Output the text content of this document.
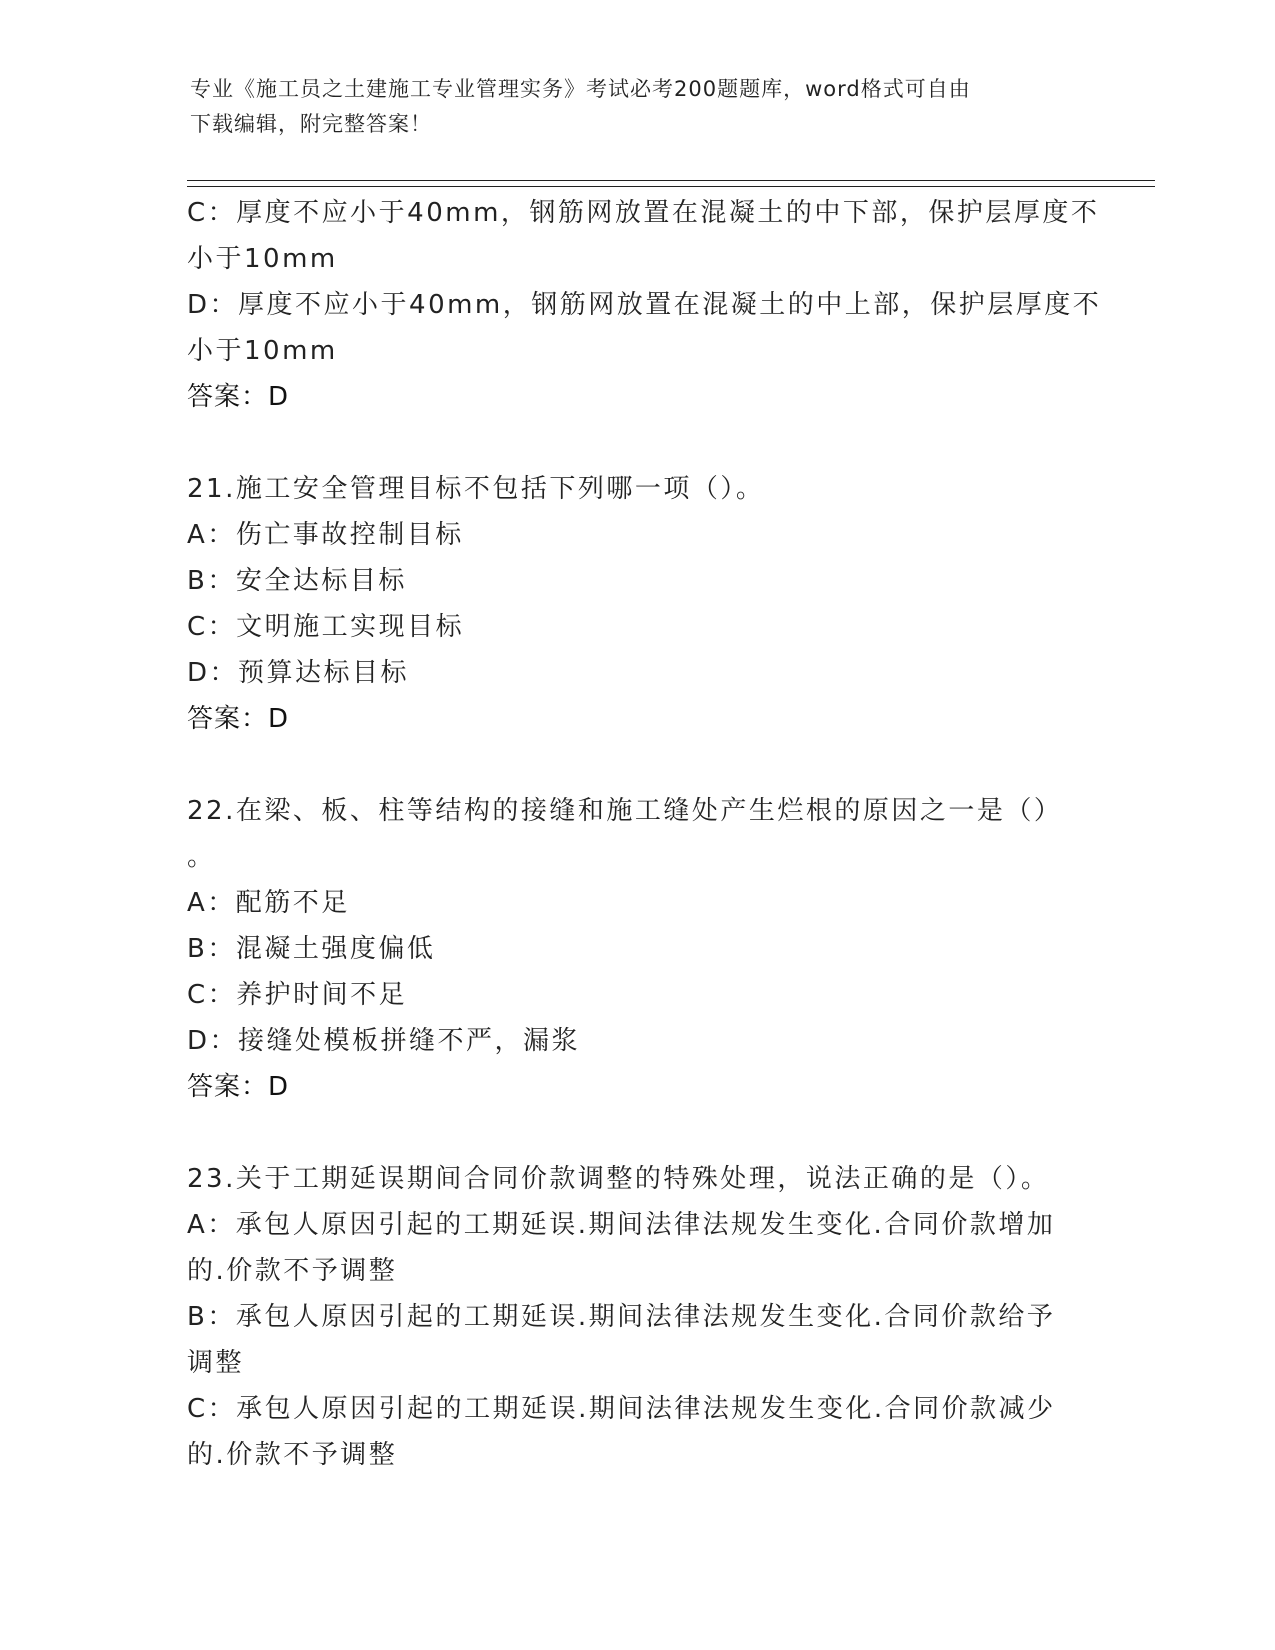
专业《施工员之土建施工专业管理实务》考试必考200题题库，word格式可自由
下载编辑，附完整答案！
C：厚度不应小于40mm，钢筋网放置在混凝土的中下部，保护层厚度不
小于10mm
D：厚度不应小于40mm，钢筋网放置在混凝土的中上部，保护层厚度不
小于10mm
答案：D
21.施工安全管理目标不包括下列哪一项（）。
A：伤亡事故控制目标
B：安全达标目标
C：文明施工实现目标
D：预算达标目标
答案：D
22.在梁、板、柱等结构的接缝和施工缝处产生烂根的原因之一是（）
。
A：配筋不足
B：混凝土强度偏低
C：养护时间不足
D：接缝处模板拼缝不严，漏浆
答案：D
23.关于工期延误期间合同价款调整的特殊处理，说法正确的是（）。
A：承包人原因引起的工期延误.期间法律法规发生变化.合同价款增加
的.价款不予调整
B：承包人原因引起的工期延误.期间法律法规发生变化.合同价款给予
调整
C：承包人原因引起的工期延误.期间法律法规发生变化.合同价款减少
的.价款不予调整
